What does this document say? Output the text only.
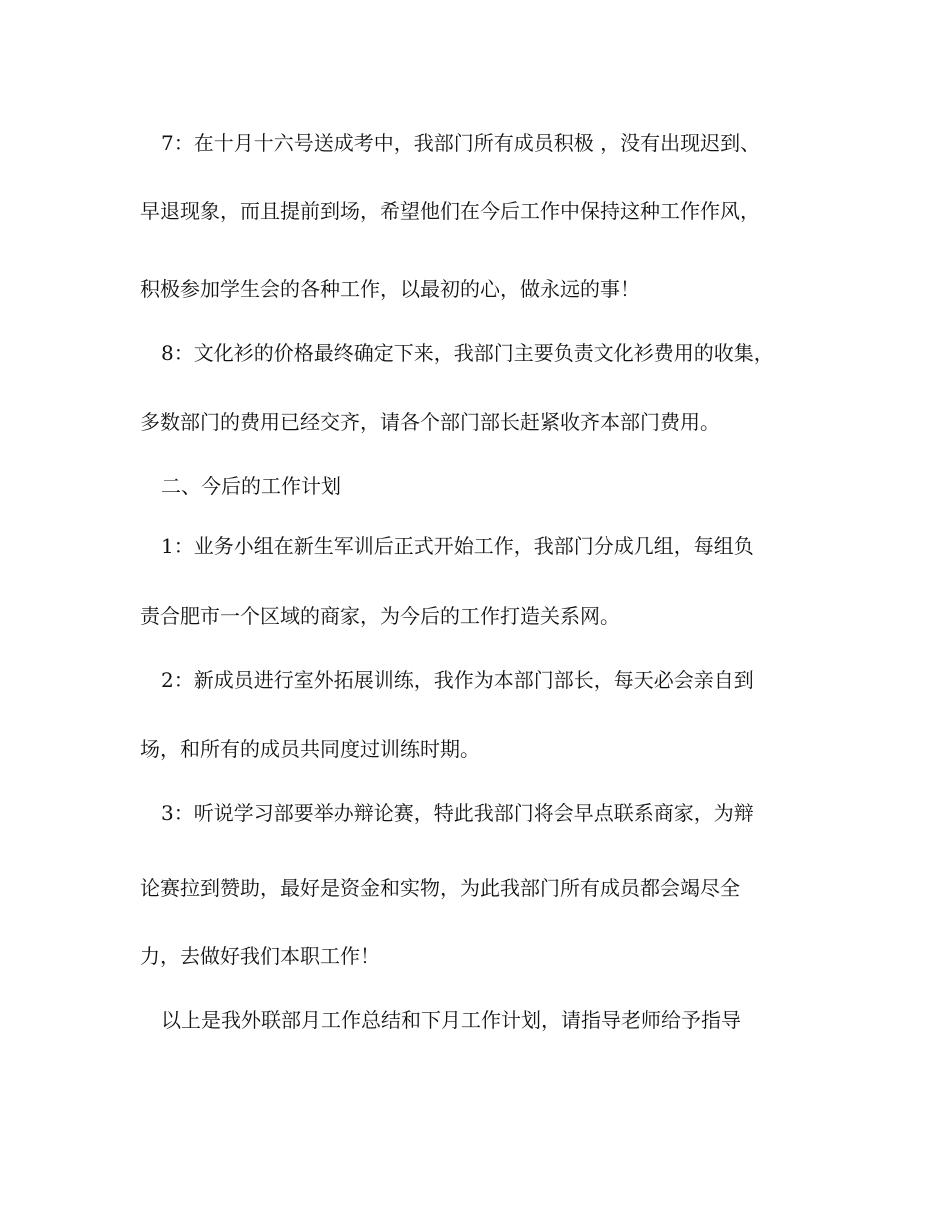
7：在十月十六号送成考中，我部门所有成员积极 ，没有出现迟到、

早退现象，而且提前到场，希望他们在今后工作中保持这种工作作风，

积极参加学生会的各种工作，以最初的心，做永远的事！

8：文化衫的价格最终确定下来，我部门主要负责文化衫费用的收集，

多数部门的费用已经交齐，请各个部门部长赶紧收齐本部门费用。

二、今后的工作计划

1：业务小组在新生军训后正式开始工作，我部门分成几组，每组负

责合肥市一个区域的商家，为今后的工作打造关系网。

2：新成员进行室外拓展训练，我作为本部门部长，每天必会亲自到

场，和所有的成员共同度过训练时期。

3：听说学习部要举办辩论赛，特此我部门将会早点联系商家，为辩

论赛拉到赞助，最好是资金和实物，为此我部门所有成员都会竭尽全

力，去做好我们本职工作！

以上是我外联部月工作总结和下月工作计划，请指导老师给予指导
